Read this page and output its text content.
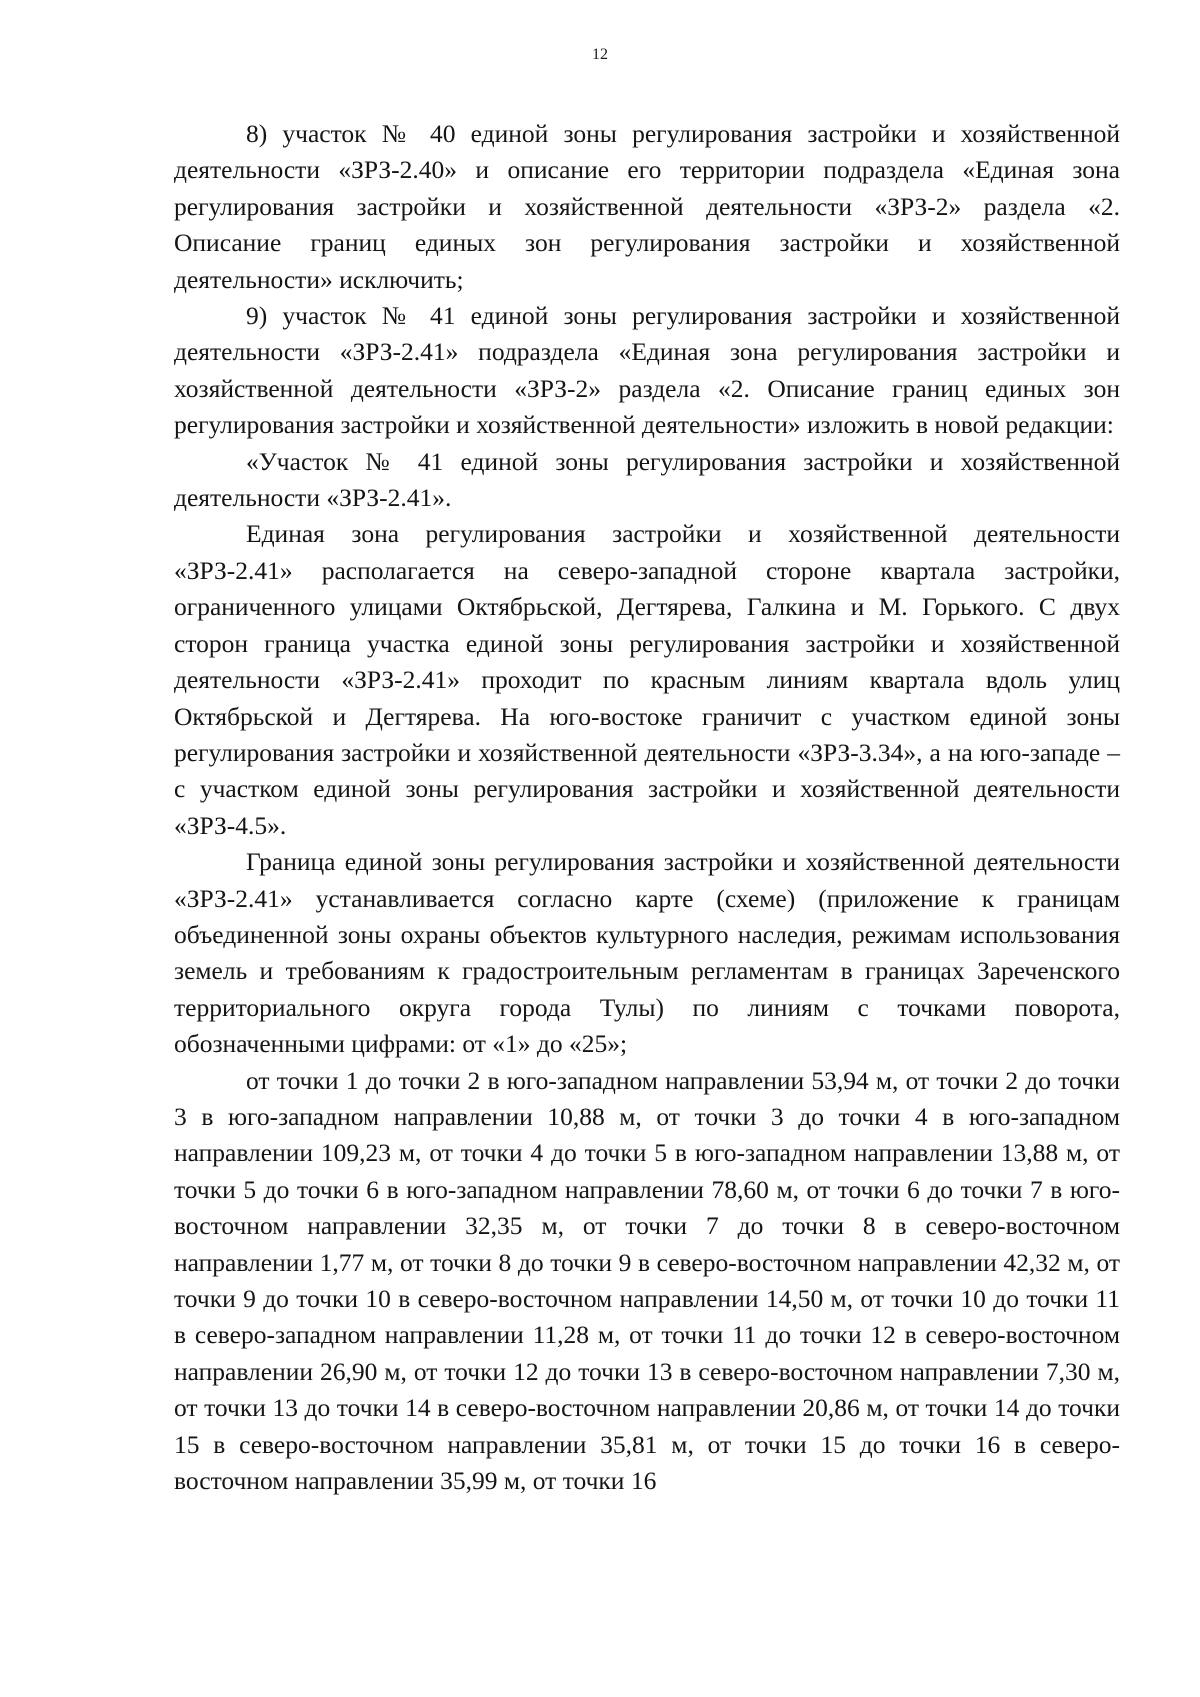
12

8) участок № 40 единой зоны регулирования застройки и хозяйственной деятельности «ЗРЗ-2.40» и описание его территории подраздела «Единая зона регулирования застройки и хозяйственной деятельности «ЗРЗ-2» раздела «2. Описание границ единых зон регулирования застройки и хозяйственной деятельности» исключить;

9) участок № 41 единой зоны регулирования застройки и хозяйственной деятельности «ЗРЗ-2.41» подраздела «Единая зона регулирования застройки и хозяйственной деятельности «ЗРЗ-2» раздела «2. Описание границ единых зон регулирования застройки и хозяйственной деятельности» изложить в новой редакции:

«Участок № 41 единой зоны регулирования застройки и хозяйственной деятельности «ЗРЗ-2.41».

Единая зона регулирования застройки и хозяйственной деятельности «ЗРЗ-2.41» располагается на северо-западной стороне квартала застройки, ограниченного улицами Октябрьской, Дегтярева, Галкина и М. Горького. С двух сторон граница участка единой зоны регулирования застройки и хозяйственной деятельности «ЗРЗ-2.41» проходит по красным линиям квартала вдоль улиц Октябрьской и Дегтярева. На юго-востоке граничит с участком единой зоны регулирования застройки и хозяйственной деятельности «ЗРЗ-3.34», а на юго-западе – с участком единой зоны регулирования застройки и хозяйственной деятельности «ЗРЗ-4.5».

Граница единой зоны регулирования застройки и хозяйственной деятельности «ЗРЗ-2.41» устанавливается согласно карте (схеме) (приложение к границам объединенной зоны охраны объектов культурного наследия, режимам использования земель и требованиям к градостроительным регламентам в границах Зареченского территориального округа города Тулы) по линиям с точками поворота, обозначенными цифрами: от «1» до «25»;

от точки 1 до точки 2 в юго-западном направлении 53,94 м, от точки 2 до точки 3 в юго-западном направлении 10,88 м, от точки 3 до точки 4 в юго-западном направлении 109,23 м, от точки 4 до точки 5 в юго-западном направлении 13,88 м, от точки 5 до точки 6 в юго-западном направлении 78,60 м, от точки 6 до точки 7 в юго-восточном направлении 32,35 м, от точки 7 до точки 8 в северо-восточном направлении 1,77 м, от точки 8 до точки 9 в северо-восточном направлении 42,32 м, от точки 9 до точки 10 в северо-восточном направлении 14,50 м, от точки 10 до точки 11 в северо-западном направлении 11,28 м, от точки 11 до точки 12 в северо-восточном направлении 26,90 м, от точки 12 до точки 13 в северо-восточном направлении 7,30 м, от точки 13 до точки 14 в северо-восточном направлении 20,86 м, от точки 14 до точки 15 в северо-восточном направлении 35,81 м, от точки 15 до точки 16 в северо-восточном направлении 35,99 м, от точки 16
